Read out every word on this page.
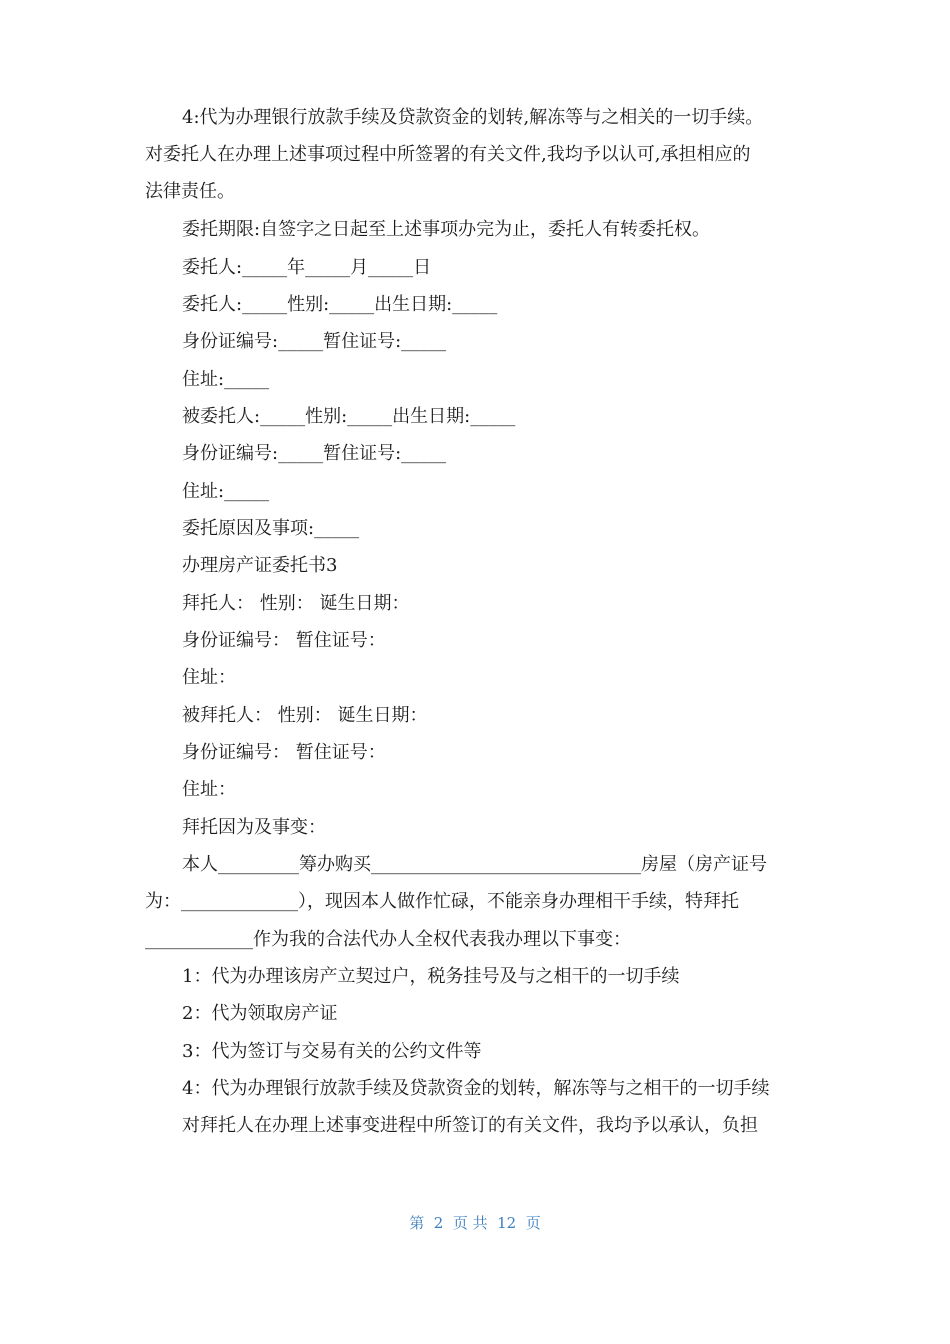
4:代为办理银行放款手续及贷款资金的划转,解冻等与之相关的一切手续。
对委托人在办理上述事项过程中所签署的有关文件,我均予以认可,承担相应的
法律责任。
委托期限:自签字之日起至上述事项办完为止，委托人有转委托权。
委托人:_____年_____月_____日
委托人:_____性别:_____出生日期:_____
身份证编号:_____暂住证号:_____
住址:_____
被委托人:_____性别:_____出生日期:_____
身份证编号:_____暂住证号:_____
住址:_____
委托原因及事项:_____
办理房产证委托书3
拜托人： 性别： 诞生日期：
身份证编号： 暂住证号：
住址：
被拜托人： 性别： 诞生日期：
身份证编号： 暂住证号：
住址：
拜托因为及事变：
本人_________筹办购买______________________________房屋（房产证号
为：_____________），现因本人做作忙碌，不能亲身办理相干手续，特拜托
____________作为我的合法代办人全权代表我办理以下事变：
1：代为办理该房产立契过户，税务挂号及与之相干的一切手续
2：代为领取房产证
3：代为签订与交易有关的公约文件等
4：代为办理银行放款手续及贷款资金的划转，解冻等与之相干的一切手续
对拜托人在办理上述事变进程中所签订的有关文件，我均予以承认，负担
第  2  页 共  12  页
